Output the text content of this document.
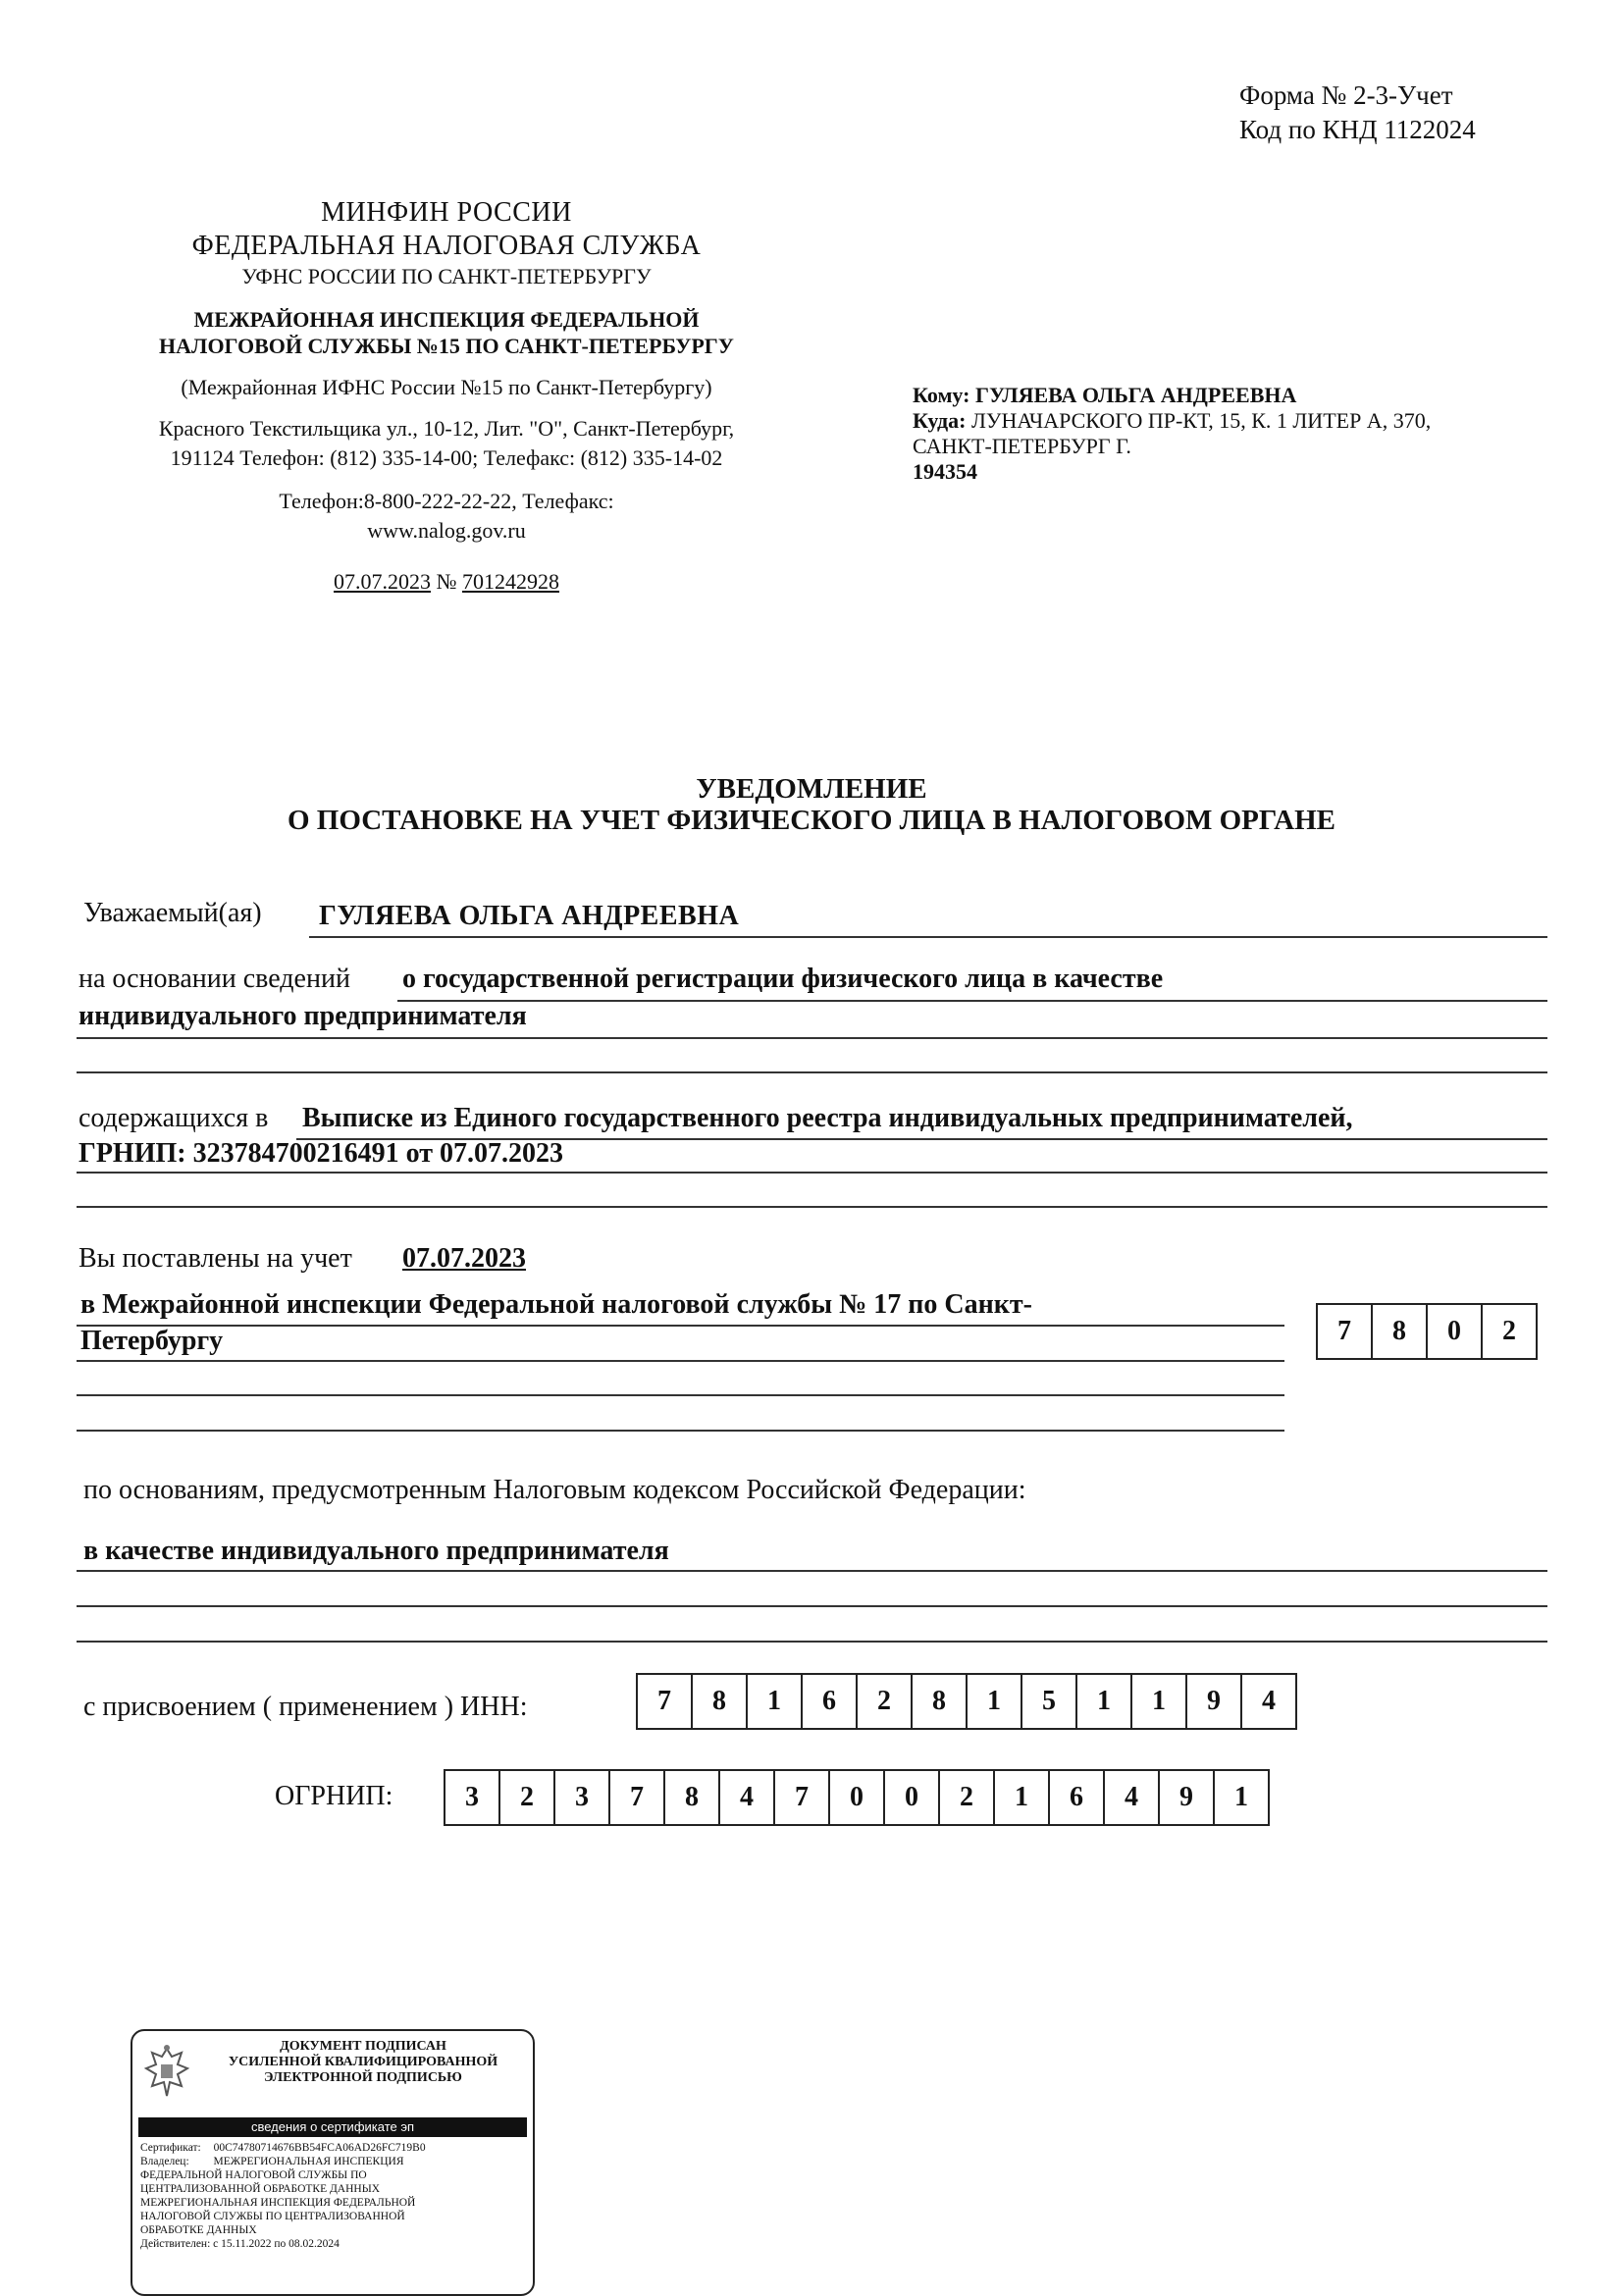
Форма № 2-3-Учет
Код по КНД 1122024
МИНФИН РОССИИ
ФЕДЕРАЛЬНАЯ НАЛОГОВАЯ СЛУЖБА
УФНС РОССИИ ПО САНКТ-ПЕТЕРБУРГУ
МЕЖРАЙОННАЯ ИНСПЕКЦИЯ ФЕДЕРАЛЬНОЙ
НАЛОГОВОЙ СЛУЖБЫ №15 ПО САНКТ-ПЕТЕРБУРГУ
(Межрайонная ИФНС России №15 по Санкт-Петербургу)
Красного Текстильщика ул., 10-12, Лит. "О", Санкт-Петербург,
191124 Телефон: (812) 335-14-00; Телефакс: (812) 335-14-02
Телефон:8-800-222-22-22, Телефакс:
www.nalog.gov.ru
07.07.2023 № 701242928
Кому: ГУЛЯЕВА ОЛЬГА АНДРЕЕВНА
Куда: ЛУНАЧАРСКОГО ПР-КТ, 15, К. 1 ЛИТЕР А, 370,
САНКТ-ПЕТЕРБУРГ Г.
194354
УВЕДОМЛЕНИЕ
О ПОСТАНОВКЕ НА УЧЕТ ФИЗИЧЕСКОГО ЛИЦА В НАЛОГОВОМ ОРГАНЕ
Уважаемый(ая) ГУЛЯЕВА ОЛЬГА АНДРЕЕВНА
на основании сведений о государственной регистрации физического лица в качестве
индивидуального предпринимателя
содержащихся в Выписке из Единого государственного реестра индивидуальных предпринимателей,
ГРНИП: 323784700216491 от 07.07.2023
Вы поставлены на учет 07.07.2023
в Межрайонной инспекции Федеральной налоговой службы № 17 по Санкт-
Петербургу	7	8	0	2
по основаниям, предусмотренным Налоговым кодексом Российской Федерации:
в качестве индивидуального предпринимателя
с присвоением ( применением ) ИНН:	7	8	1	6	2	8	1	5	1	1	9	4
ОГРНИП:	3	2	3	7	8	4	7	0	0	2	1	6	4	9	1
ДОКУМЕНТ ПОДПИСАН
УСИЛЕННОЙ КВАЛИФИЦИРОВАННОЙ
ЭЛЕКТРОННОЙ ПОДПИСЬЮ
сведения о сертификате эп
Сертификат: 00C7478071467​6BB54FCA06AD26FC719B0
Владелец: МЕЖРЕГИОНАЛЬНАЯ ИНСПЕКЦИЯ
ФЕДЕРАЛЬНОЙ НАЛОГОВОЙ СЛУЖБЫ ПО
ЦЕНТРАЛИЗОВАННОЙ ОБРАБОТКЕ ДАННЫХ
МЕЖРЕГИОНАЛЬНАЯ ИНСПЕКЦИЯ ФЕДЕРАЛЬНОЙ
НАЛОГОВОЙ СЛУЖБЫ ПО ЦЕНТРАЛИЗОВАННОЙ
ОБРАБОТКЕ ДАННЫХ
Действителен: с 15.11.2022 по 08.02.2024
